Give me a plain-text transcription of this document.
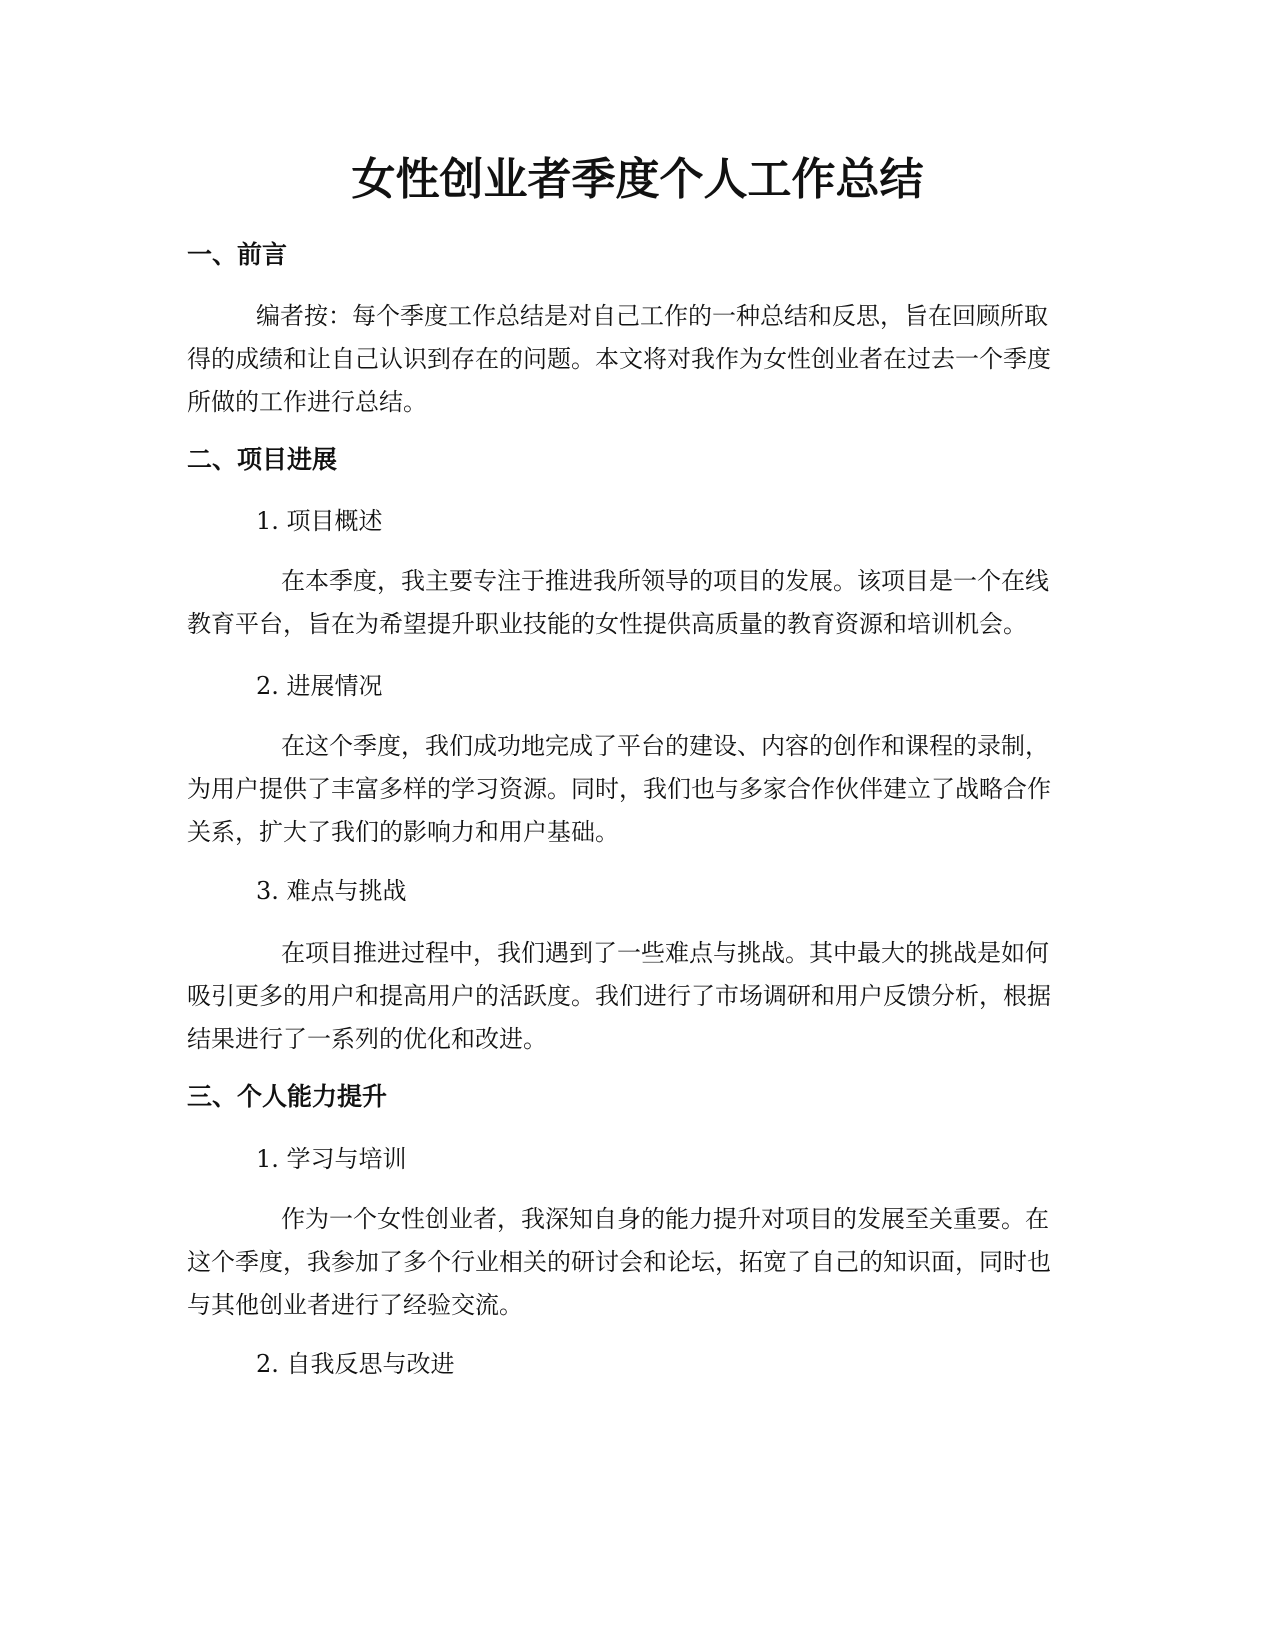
女性创业者季度个人工作总结
一、前言

编者按：每个季度工作总结是对自己工作的一种总结和反思，旨在回顾所取
得的成绩和让自己认识到存在的问题。本文将对我作为女性创业者在过去一个季度
所做的工作进行总结。

二、项目进展

1. 项目概述

在本季度，我主要专注于推进我所领导的项目的发展。该项目是一个在线
教育平台，旨在为希望提升职业技能的女性提供高质量的教育资源和培训机会。

2. 进展情况

在这个季度，我们成功地完成了平台的建设、内容的创作和课程的录制，
为用户提供了丰富多样的学习资源。同时，我们也与多家合作伙伴建立了战略合作
关系，扩大了我们的影响力和用户基础。

3. 难点与挑战

在项目推进过程中，我们遇到了一些难点与挑战。其中最大的挑战是如何
吸引更多的用户和提高用户的活跃度。我们进行了市场调研和用户反馈分析，根据
结果进行了一系列的优化和改进。

三、个人能力提升

1. 学习与培训

作为一个女性创业者，我深知自身的能力提升对项目的发展至关重要。在
这个季度，我参加了多个行业相关的研讨会和论坛，拓宽了自己的知识面，同时也
与其他创业者进行了经验交流。

2. 自我反思与改进
